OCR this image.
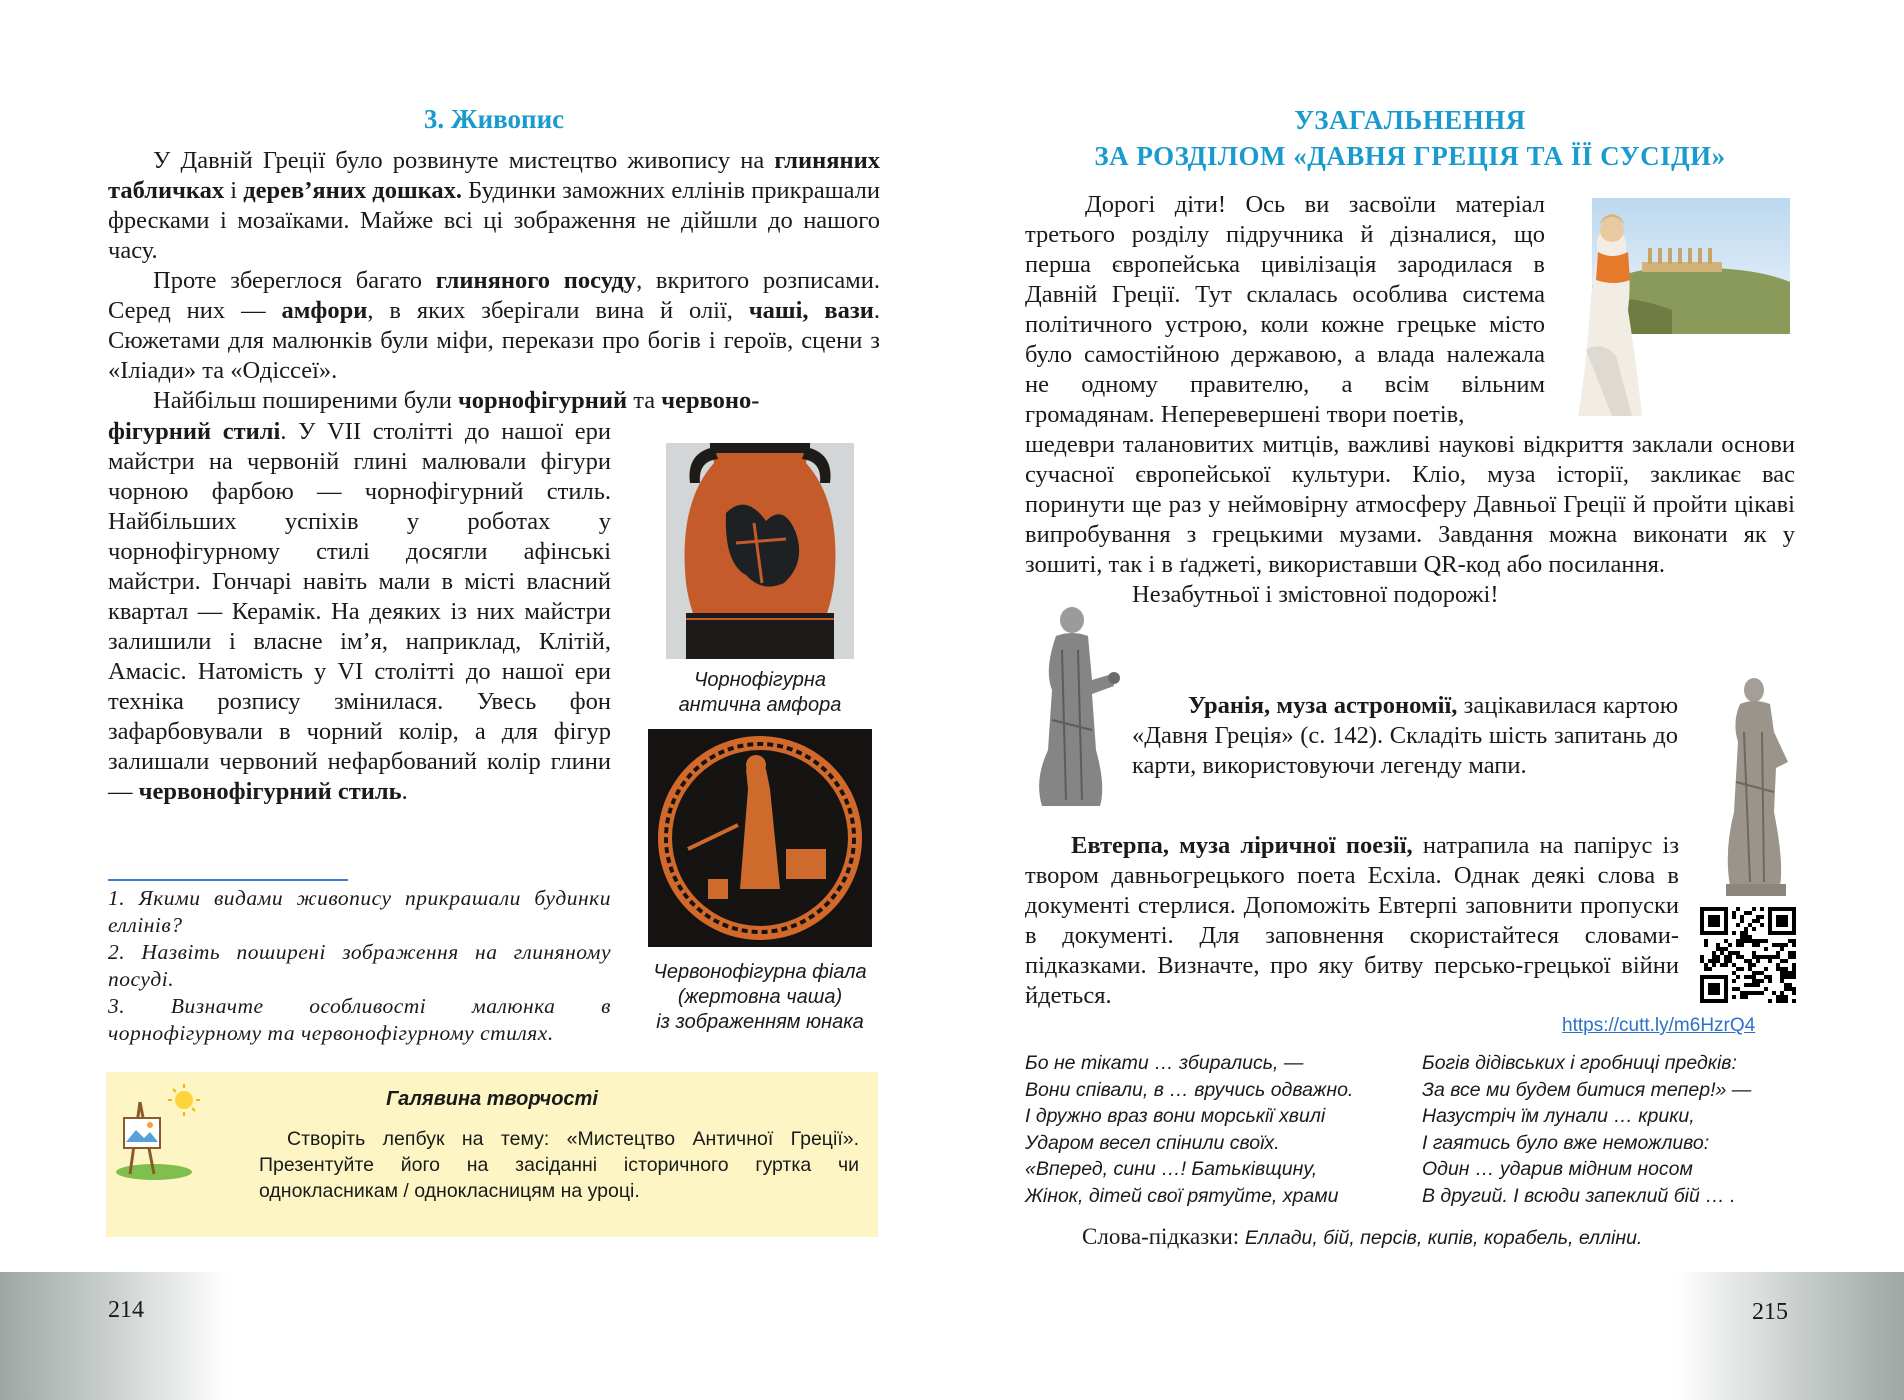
3. Живопис

У Давній Греції було розвинуте мистецтво живопису на глиняних табличках і дерев’яних дошках. Будинки заможних еллінів прикрашали фресками і мозаїками. Майже всі ці зображення не дійшли до нашого часу.

Проте збереглося багато глиняного посуду, вкритого розписами. Серед них — амфори, в яких зберігали вина й олії, чаші, вази. Сюжетами для малюнків були міфи, перекази про богів і героїв, сцени з «Іліади» та «Одіссеї».

Найбільш поширеними були чорнофігурний та червоно-

фігурний стилі. У VII столітті до нашої ери майстри на червоній глині малювали фігури чорною фарбою — чорнофігурний стиль. Найбільших успіхів у роботах у чорнофігурному стилі досягли афінські майстри. Гончарі навіть мали в місті власний квартал — Керамік. На деяких із них майстри залишили і власне ім’я, наприклад, Клітій, Амасіс. Натомість у VI столітті до нашої ери техніка розпису змінилася. Увесь фон зафарбовували в чорний колір, а для фігур залишали червоний нефарбований колір глини — червонофігурний стиль.

Чорнофігурна
антична амфора
Червонофігурна фіала
(жертовна чаша)
із зображенням юнака

1. Якими видами живопису прикрашали будинки еллінів?

2. Назвіть поширені зображення на глиняному посуді.

3. Визначте особливості малюнка в чорнофігурному та червонофігурному стилях.

Галявина творчості
Створіть лепбук на тему: «Мистецтво Античної Греції». Презентуйте його на засіданні історичного гуртка чи однокласникам / однокласницям на уроці.
УЗАГАЛЬНЕННЯ
ЗА РОЗДІЛОМ «ДАВНЯ ГРЕЦІЯ ТА ЇЇ СУСІДИ»

Дорогі діти! Ось ви засвоїли матеріал третього розділу підручника й дізналися, що перша європейська цивілізація зародилася в Давній Греції. Тут склалась особлива система політичного устрою, коли кожне грецьке місто було самостійною державою, а влада належала не одному правителю, а всім вільним громадянам. Неперевершені твори поетів,

шедеври талановитих митців, важливі наукові відкриття заклали основи сучасної європейської культури. Кліо, муза історії, закликає вас поринути ще раз у неймовірну атмосферу Давньої Греції й пройти цікаві випробування з грецькими музами. Завдання можна виконати як у зошиті, так і в ґаджеті, використавши QR-код або посилання.

Незабутньої і змістовної подорожі!

Уранія, муза астрономії, зацікавилася картою «Давня Греція» (с. 142). Складіть шість запитань до карти, використовуючи легенду мапи.
Евтерпа, муза ліричної поезії, натрапила на папірус із твором давньогрецького поета Есхіла. Однак деякі слова в документі стерлися. Допоможіть Евтерпі заповнити пропуски в документі. Для заповнення скористайтеся словами-підказками. Визначте, про яку битву персько-грецької війни йдеться.
https://cutt.ly/m6HzrQ4

Бо не тікати … збирались, —

Вони співали, в … вручись одважно.

І дружно враз вони морськії хвилі

Ударом весел спінили своїх.

«Вперед, сини …! Батьківщину,

Жінок, дітей свої рятуйте, храми

Богів дідівських і гробниці предків:

За все ми будем битися тепер!» —

Назустріч їм лунали … крики,

І гаятись було вже неможливо:

Один … ударив мідним носом

В другий. І всюди запеклий бій … .

Слова-підказки: Еллади, бій, персів, кипів, корабель, елліни.
214	215
